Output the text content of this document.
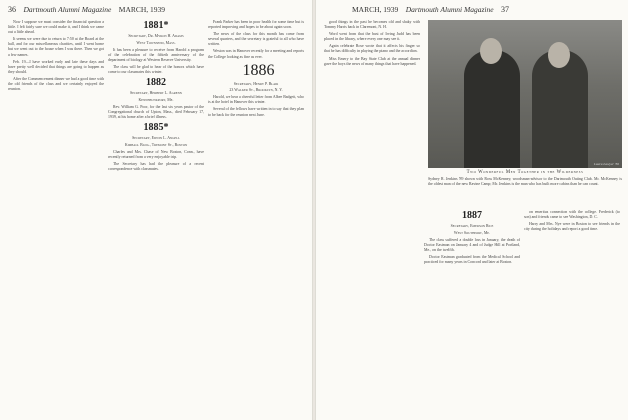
36 Dartmouth Alumni Magazine MARCH, 1939

Now I suppose we must consider the financial question a little. I felt fairly sure we could make it, and I think we came out a little ahead.

It seems we were due to return to 7:50 at the Board at the hall, and for our miscellaneous charities, until I went home but we went out to the house when I was there. Then we got a few names.

Feb. 19—I have worked early and late these days and have pretty well decided that things are going to happen as they should.

After the Commencement dinner we had a good time with the old friends of the class and we certainly enjoyed the reunion.

1881*

Secretary, Dr. Myron H. Adams

West Townsend, Mass.

It has been a pleasure to receive from Harold a program of the celebration of the fiftieth anniversary of the department of biology at Western Reserve University.

The class will be glad to hear of the honors which have come to our classmates this winter.

1882

Secretary, Herbert L. Agrenn

Kennebunkport, Me.

Rev. William G. Poor, for the last six years pastor of the Congregational church of Upton, Mass., died February 17, 1939, at his home after a brief illness.

1885*

Secretary, Edwin L. Angell

Kimball Bldg., Tremont St., Boston

Charles and Mrs. Chase of New Boston, Conn., have recently returned from a very enjoyable trip.

The Secretary has had the pleasure of a recent correspondence with classmates.

Frank Parker has been in poor health for some time but is reported improving and hopes to be about again soon.

The news of the class for this month has come from several quarters, and the secretary is grateful to all who have written.

Weston was in Hanover recently for a meeting and reports the College looking as fine as ever.

1886

Secretary, Henry P. Blair

23 Walker St., Brooklyn, N. Y.

Harold, we hear a cheerful letter from Albee Badgett, who is at the hotel in Hanover this winter.

Several of the fellows have written in to say that they plan to be back for the reunion next June.

MARCH, 1939 Dartmouth Alumni Magazine 37

good things in the past he becomes old and shaky with Tommy Harris back in Claremont, N. H.

Word went from that the bust of Irving Judd has been placed in the library, where every one may see it.

Again celebrate Rose wrote that it affects his finger so that he has difficulty in playing the piano and the accordion.

Miss Emery to the Bay State Club at the annual dinner gave the boys the news of many things that have happened.

Laura Lawyer '36
Two Wonderful Men Together in the Wilderness
Sydney R. Jenkins '89 shown with Ross McKenney, woodsman-advisor to the Dartmouth Outing Club. Mr. McKenney is the oldest man of the new Ravine Camp; Mr. Jenkins is the man who has built more cabins than he can count.

1887

Secretary, Emerson Rice

West Southport, Me.

The class suffered a double loss in January, the death of Doctor Eastman on January 4 and of Judge Hill at Portland, Me., on the twelfth.

Doctor Eastman graduated from the Medical School and practiced for many years in Concord and later at Boston.

on emeritus connection with the college. Frederick (to son) and friends came to see Washington, D. C.

Harry and Mrs. Nye were in Boston to see friends in the city during the holidays and report a good time.
